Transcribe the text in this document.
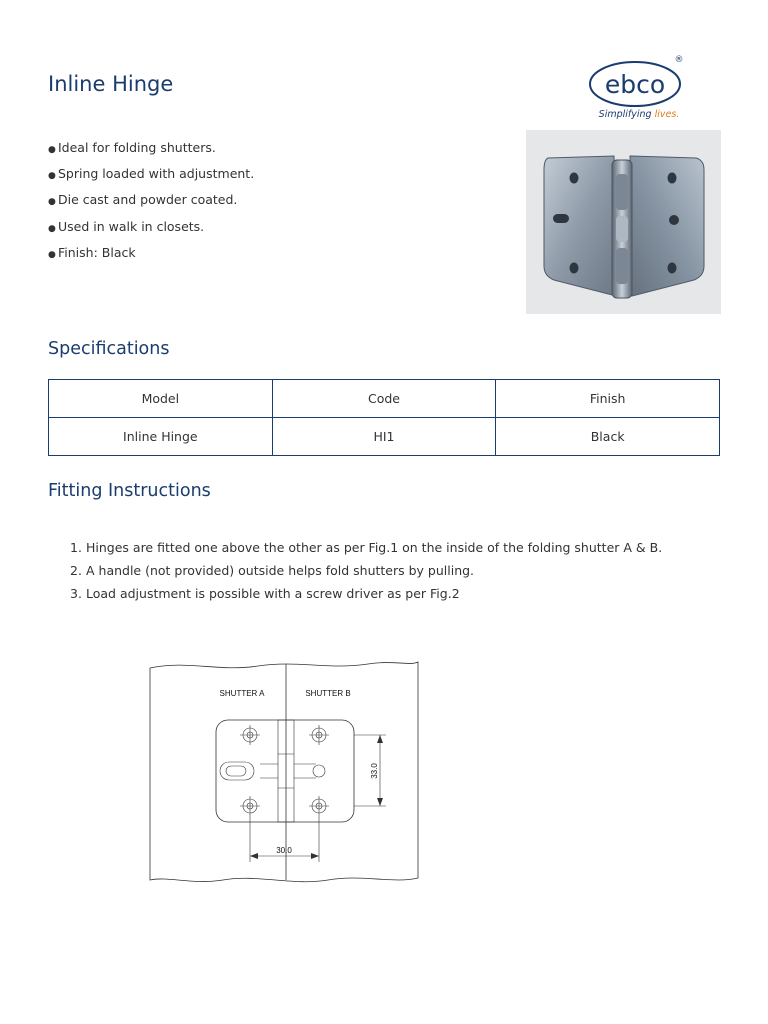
Inline Hinge	ebco
®
Simplifying lives.
● Ideal for folding shutters.
● Spring loaded with adjustment.
● Die cast and powder coated.
● Used in walk in closets.
● Finish: Black
Specifications
Model	Code	Finish
Inline Hinge	HI1	Black
Fitting Instructions
1. Hinges are fitted one above the other as per Fig.1 on the inside of the folding shutter A & B.
2. A handle (not provided) outside helps fold shutters by pulling.
3. Load adjustment is possible with a screw driver as per Fig.2
SHUTTER A	SHUTTER B
33.0
30.0
